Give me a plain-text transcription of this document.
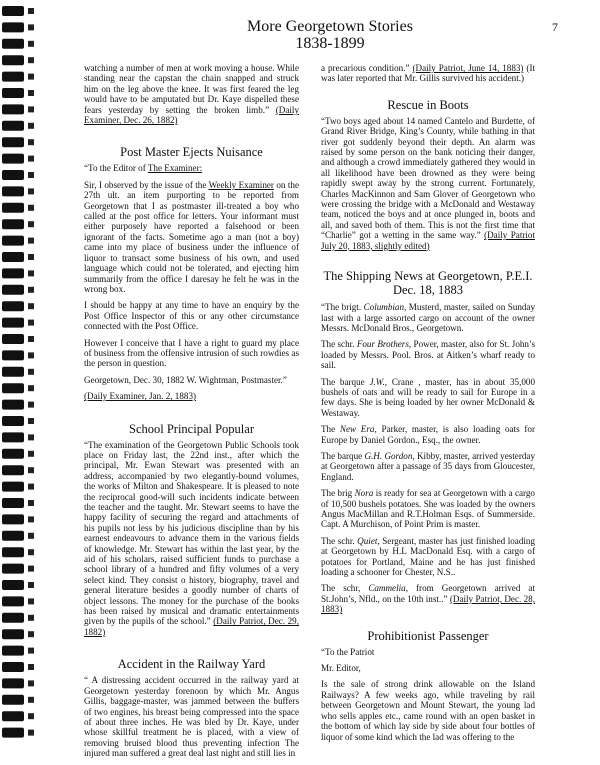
More Georgetown Stories
1838-1899
7

watching a number of men at work moving a house. While standing near the capstan the chain snapped and struck him on the leg above the knee. It was first feared the leg would have to be amputated but Dr. Kaye dispelled these fears yesterday by setting the broken limb.” (Daily Examiner, Dec. 26, 1882)

Post Master Ejects Nuisance

“To the Editor of The Examiner:

Sir, I observed by the issue of the Weekly Examiner on the 27th ult. an item purporting to be reported from Georgetown that I as postmaster ill-treated a boy who called at the post office for letters. Your informant must either purposely have reported a falsehood or been ignorant of the facts. Sometime ago a man (not a boy) came into my place of business under the influence of liquor to transact some business of his own, and used language which could not be tolerated, and ejecting him summarily from the office I daresay he felt he was in the wrong box.

I should be happy at any time to have an enquiry by the Post Office Inspector of this or any other circumstance connected with the Post Office.

However I conceive that I have a right to guard my place of business from the offensive intrusion of such rowdies as the person in question.

Georgetown, Dec. 30, 1882 W. Wightman, Postmaster.”

(Daily Examiner, Jan. 2, 1883)

School Principal Popular

“The examination of the Georgetown Public Schools took place on Friday last, the 22nd inst., after which the principal, Mr. Ewan Stewart was presented with an address, accompanied by two elegantly-bound volumes, the works of Milton and Shakespeare. It is pleased to note the reciprocal good-will such incidents indicate between the teacher and the taught. Mr. Stewart seems to have the happy facility of securing the regard and attachments of his pupils not less by his judicious discipline than by his earnest endeavours to advance them in the various fields of knowledge. Mr. Stewart has within the last year, by the aid of his scholars, raised sufficient funds to purchase a school library of a hundred and fifty volumes of a very select kind. They consist o history, biography, travel and general literature besides a goodly number of charts of object lessons. The money for the purchase of the books has been raised by musical and dramatic entertainments given by the pupils of the school.” (Daily Patriot, Dec. 29, 1882)

Accident in the Railway Yard

“ A distressing accident occurred in the railway yard at Georgetown yesterday forenoon by which Mr. Angus Gillis, baggage-master, was jammed between the buffers of two engines, his breast being compressed into the space of about three inches. He was bled by Dr. Kaye, under whose skillful treatment he is placed, with a view of removing bruised blood thus preventing infection The injured man suffered a great deal last night and still lies in

a precarious condition.” (Daily Patriot, June 14, 1883) (It was later reported that Mr. Gillis survived his accident.)

Rescue in Boots

“Two boys aged about 14 named Cantelo and Burdette, of Grand River Bridge, King’s County, while bathing in that river got suddenly beyond their depth. An alarm was raised by some person on the bank noticing their danger, and although a crowd immediately gathered they would in all likelihood have been drowned as they were being rapidly swept away by the strong current. Fortunately, Charles MacKinnon and Sam Glover of Georgetown who were crossing the bridge with a McDonald and Westaway team, noticed the boys and at once plunged in, boots and all, and saved both of them. This is not the first time that “Charlie” got a wetting in the same way.” (Daily Patriot July 20, 1883, slightly edited)

The Shipping News at Georgetown, P.E.I.
Dec. 18, 1883

“The brigt. Columbian, Musterd, master, sailed on Sunday last with a large assorted cargo on account of the owner Messrs. McDonald Bros., Georgetown.

The schr. Four Brothers, Power, master, also for St. John’s loaded by Messrs. Pool. Bros. at Aitken’s wharf ready to sail.

The barque J.W., Crane , master, has in about 35,000 bushels of oats and will be ready to sail for Europe in a few days. She is being loaded by her owner McDonald & Westaway.

The New Era, Parker, master, is also loading oats for Europe by Daniel Gordon., Esq., the owner.

The barque G.H. Gordon, Kibby, master, arrived yesterday at Georgetown after a passage of 35 days from Gloucester, England.

The brig Nora is ready for sea at Georgetown with a cargo of 10,500 bushels potatoes. She was loaded by the owners Angus MacMillan and R.T.Holman Esqs. of Summerside. Capt. A Murchison, of Point Prim is master.

The schr. Quiet, Sergeant, master has just finished loading at Georgetown by H.L MacDonald Esq. with a cargo of potatoes for Portland, Maine and he has just finished loading a schooner for Chester, N.S..

The schr, Cammelia, from Georgetown arrived at St.John’s, Nfld., on the 10th inst..” (Daily Patriot, Dec. 28, 1883)

Prohibitionist Passenger

“To the Patriot

Mr. Editor,

Is the sale of strong drink allowable on the Island Railways? A few weeks ago, while traveling by rail between Georgetown and Mount Stewart, the young lad who sells apples etc., came round with an open basket in the bottom of which lay side by side about four bottles of liquor of some kind which the lad was offering to the
